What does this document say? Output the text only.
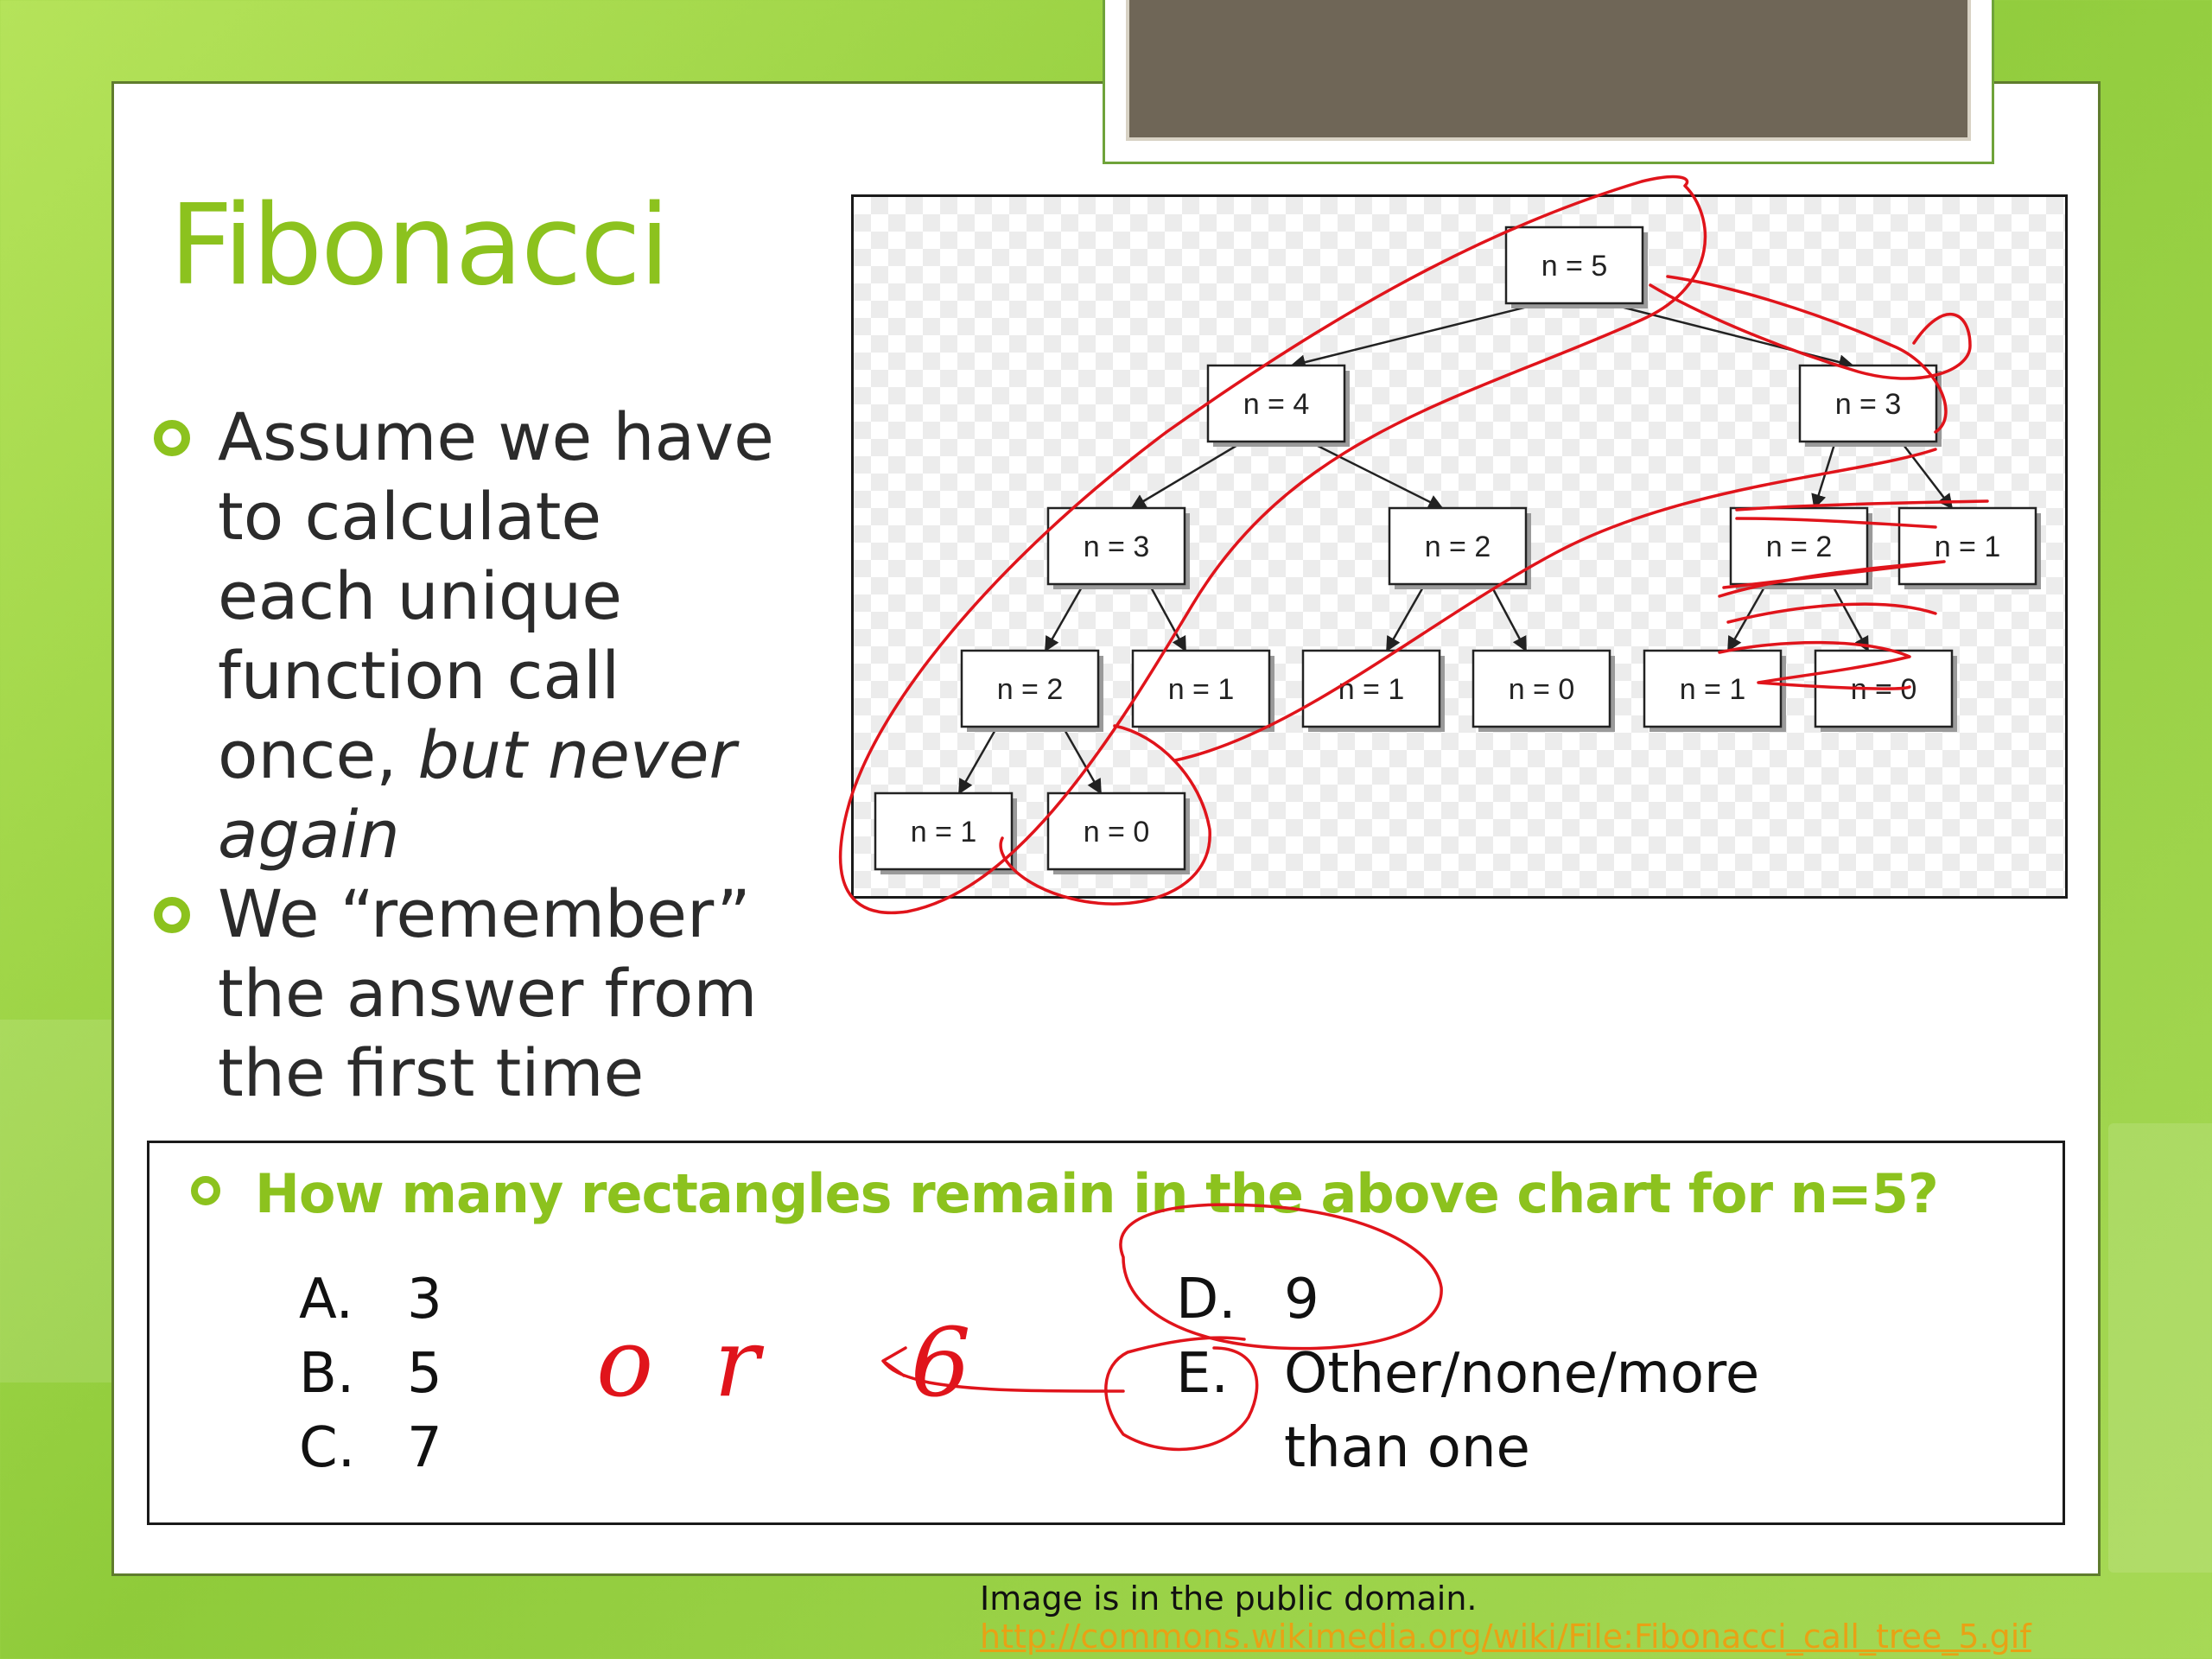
Fibonacci
Assume we have
to calculate
each unique
function call
once, but never
again
We “remember”
the answer from
the first time
n = 5
n = 4
n = 3
n = 3
n = 2
n = 2	n = 2
n = 1
n = 1
n = 1
n = 1	n = 1
n = 0
n = 0	n = 0

How many rectangles remain in the above chart for n=5?

A. 3
B. 5
C. 7
D. 9
E. Other/none/more
than one
Image is in the public domain.
http://commons.wikimedia.org/wiki/File:Fibonacci_call_tree_5.gif
or 6
